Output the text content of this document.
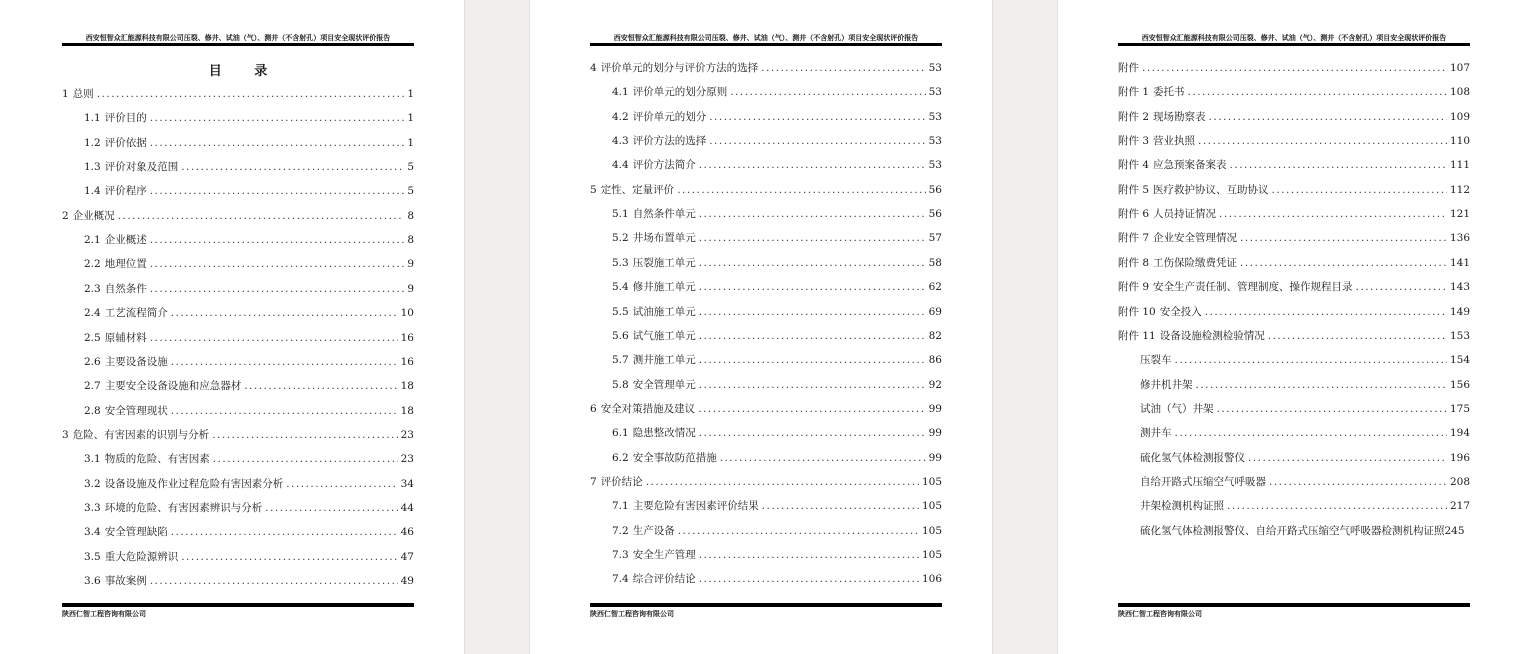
西安恒智众汇能源科技有限公司压裂、修井、试油（气）、测井（不含射孔）项目安全现状评价报告
目 录
1 总则 .....	1
1.1 评价目的 .....	1
1.2 评价依据 .....	1
1.3 评价对象及范围 .....	5
1.4 评价程序 .....	5
2 企业概况 .....	8
2.1 企业概述 .....	8
2.2 地理位置 .....	9
2.3 自然条件 .....	9
2.4 工艺流程简介 .....	10
2.5 原辅材料 .....	16
2.6 主要设备设施 .....	16
2.7 主要安全设备设施和应急器材 .....	18
2.8 安全管理现状 .....	18
3 危险、有害因素的识别与分析 .....	23
3.1 物质的危险、有害因素 .....	23
3.2 设备设施及作业过程危险有害因素分析 .....	34
3.3 环境的危险、有害因素辨识与分析 .....	44
3.4 安全管理缺陷 .....	46
3.5 重大危险源辨识 .....	47
3.6 事故案例 .....	49
陕西仁智工程咨询有限公司
西安恒智众汇能源科技有限公司压裂、修井、试油（气）、测井（不含射孔）项目安全现状评价报告
4 评价单元的划分与评价方法的选择 .....	53
4.1 评价单元的划分原则 .....	53
4.2 评价单元的划分 .....	53
4.3 评价方法的选择 .....	53
4.4 评价方法简介 .....	53
5 定性、定量评价 .....	56
5.1 自然条件单元 .....	56
5.2 井场布置单元 .....	57
5.3 压裂施工单元 .....	58
5.4 修井施工单元 .....	62
5.5 试油施工单元 .....	69
5.6 试气施工单元 .....	82
5.7 测井施工单元 .....	86
5.8 安全管理单元 .....	92
6 安全对策措施及建议 .....	99
6.1 隐患整改情况 .....	99
6.2 安全事故防范措施 .....	99
7 评价结论 .....	105
7.1 主要危险有害因素评价结果 .....	105
7.2 生产设备 .....	105
7.3 安全生产管理 .....	105
7.4 综合评价结论 .....	106
陕西仁智工程咨询有限公司
西安恒智众汇能源科技有限公司压裂、修井、试油（气）、测井（不含射孔）项目安全现状评价报告
附件 .....	107
附件 1 委托书 .....	108
附件 2 现场勘察表 .....	109
附件 3 营业执照 .....	110
附件 4 应急预案备案表 .....	111
附件 5 医疗救护协议、互助协议 .....	112
附件 6 人员持证情况 .....	121
附件 7 企业安全管理情况 .....	136
附件 8 工伤保险缴费凭证 .....	141
附件 9 安全生产责任制、管理制度、操作规程目录 .....	143
附件 10 安全投入 .....	149
附件 11 设备设施检测检验情况 .....	153
压裂车 .....	154
修井机井架 .....	156
试油（气）井架 .....	175
测井车 .....	194
硫化氢气体检测报警仪 .....	196
自给开路式压缩空气呼吸器 .....	208
井架检测机构证照 .....	217
硫化氢气体检测报警仪、自给开路式压缩空气呼吸器检测机构证照 245
陕西仁智工程咨询有限公司
